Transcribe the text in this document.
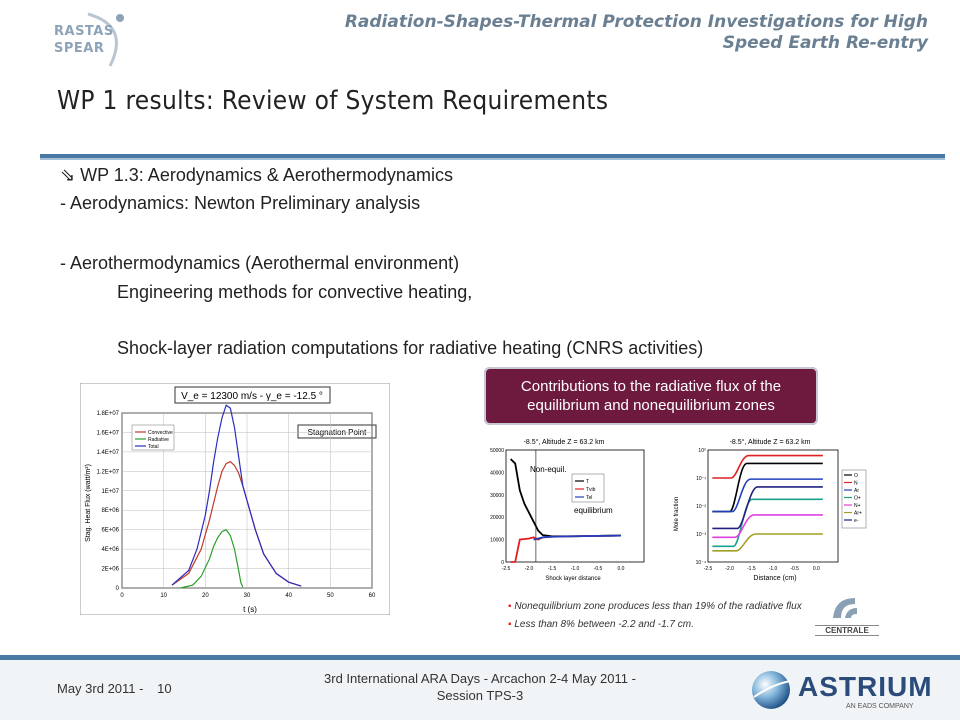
RASTAS
SPEAR
Radiation-Shapes-Thermal Protection Investigations for High
Speed Earth Re-entry
WP 1 results: Review of System Requirements
⇘ WP 1.3: Aerodynamics & Aerothermodynamics
- Aerodynamics: Newton Preliminary analysis
- Aerothermodynamics (Aerothermal environment)
Engineering methods for convective heating,
Shock-layer radiation computations for radiative heating (CNRS activities)
V_e = 12300 m/s - γ_e = -12.5 °
Stagnation Point
0	10	20	30	40	50	60
0
2E+06
4E+06
6E+06
8E+06
1E+07
1.2E+07
1.4E+07
1.6E+07
1.8E+07
Convective
Radiative
Total
t (s)
Stag. Heat Flux (watt/m²)
Contributions to the radiative flux of the equilibrium and nonequilibrium zones
-8.5°, Altitude Z = 63.2 km
-2.5	-2.0	-1.5	-1.0	-0.5	0.0
0
10000
20000
30000
40000
50000
Non-equil.
equilibrium
T
Tvib
Tel
Shock layer distance
-8.5°, Altitude Z = 63.2 km
-2.5	-2.0	-1.5	-1.0	-0.5	0.0
10⁰
10⁻¹
10⁻²
10⁻³
10⁻⁴
O
N
Ar
O+
N+
Ar+
e-
Distance (cm)
Mole fraction
▪ Nonequilibrium zone produces less than 19% of the radiative flux
▪ Less than 8% between -2.2 and -1.7 cm.
CENTRALE
May 3rd 2011 - 10
3rd International ARA Days - Arcachon 2-4 May 2011 -
Session TPS-3	ASTRIUM
AN EADS COMPANY
